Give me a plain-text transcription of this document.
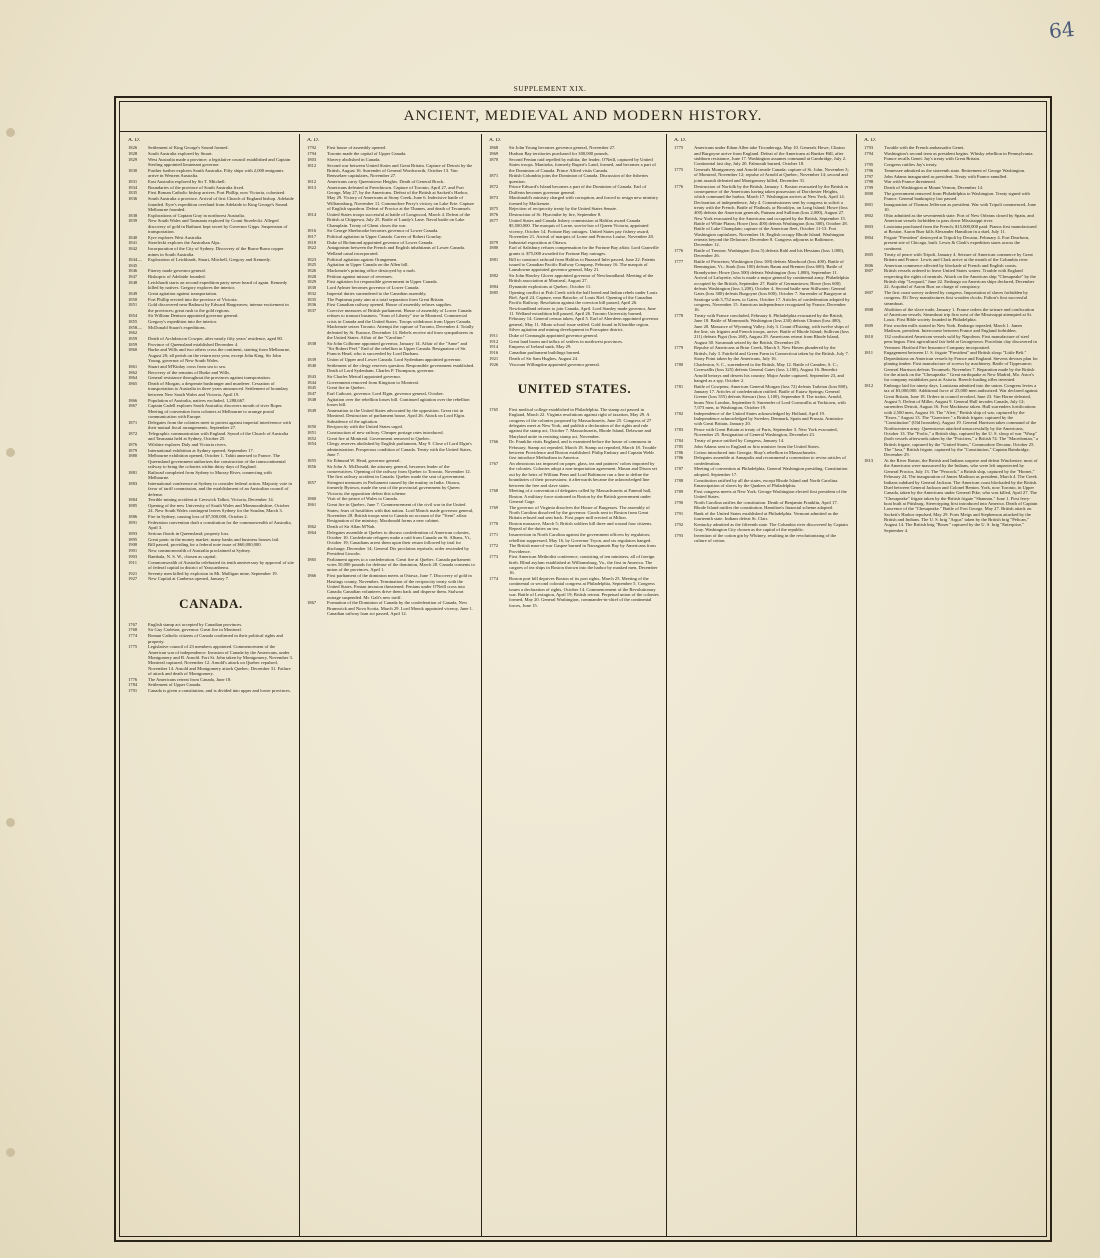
64
SUPPLEMENT XIX.
ANCIENT, MEDIEVAL AND MODERN HISTORY.
A. D.
1826	Settlement of King George's Sound formed.
1828	South Australia explored by Stuart.
1829	West Australia made a province; a legislative council established and Captain Sterling appointed lieutenant governor.
1830	Further further explores South Australia. Fifty ships with 2,000 emigrants arrive in Western Australia.
1831	East Australia explored by Sir T. Mitchell.
1834	Boundaries of the province of South Australia fixed.
1835	First Roman Catholic bishop arrives. Port Phillip, now Victoria, colonized.
1836	South Australia a province. Arrival of first Church of England bishop. Adelaide founded. Eyre's expedition overland from Adelaide to King George's Sound. Melbourne founded.
1838	Explorations of Captain Gray in northwest Australia.
1839	New South Wales and Tasmania explored by Count Strzelecki. Alleged discovery of gold in Bathurst kept secret by Governor Gipps. Suspension of transportation.
1840	Eyre explores West Australia.
1841	Strzelecki explores the Australian Alps.
1842	Incorporation of the City of Sydney. Discovery of the Burra-Burra copper mines in South Australia.
1844—1845
Exploration of Leichhardt, Stuart, Mitchell, Gregory and Kennedy.
1846	Fitzroy made governor general.
1847	Bishopric of Adelaide founded.
1848	Leichhardt starts on second expedition party never heard of again. Kennedy killed by natives. Gregory explores the interior.
1849	Great agitation against transportation.
1850	Fort Phillip erected into the province of Victoria.
1851	Gold discovered near Bathurst by Edward Hargreaves; intense excitement in the provinces; great rush to the gold regions.
1854	Sir William Denison appointed governor general.
1855	Gregory's expedition into the interior.
1858—1862
McDonald Stuart's expeditions.
1859	Death of Archdeacon Cowper, after nearly fifty years' residence, aged 80.
1859	Province of Queensland established December 4.
1860	Burke and Wills and two others cross the continent, starting from Melbourne, August 20; all perish on the return next year, except John King. Sir John Young, governor of New South Wales.
1861	Stuart and M'Kinlay cross from sea to sea.
1862	Recovery of the remains of Burke and Wills.
1864	General resistance throughout the provinces against transportation.
1865	Death of Morgan, a desperate bushranger and murderer. Cessation of transportation to Australia in three years announced. Settlement of boundary between New South Wales and Victoria, April 19.
1866	Population of Australia, natives excluded, 1,288,667.
1867	Captain Cadell explores South Australia; discovers mouth of river Roper. Meeting of convention from colonies at Melbourne to arrange postal communication with Europe.
1871	Delegates from the colonies meet to protest against imperial interference with their mutual fiscal arrangements, September 27.
1872	Telegraphic communication with England. Synod of the Church of Australia and Tasmania held at Sydney, October 25.
1876	Wilshire explores Daly and Victoria rivers.
1879	International exhibition at Sydney opened, September 17.
1880	Melbourne exhibition opened, October 1. Tahiti annexed to France. The Queensland government authorizes the construction of the transcontinental railway to bring the colonies within thirty days of England.
1881	Railroad completed from Sydney to Murray River, connecting with Melbourne.
1883	International conference at Sydney to consider federal action. Majority vote in favor of tariff commission, and the establishment of an Australian council of defense.
1884	Terrible mining accident at Creswick Talbot, Victoria, December 14.
1885	Opening of the new University of South Wales and Monmouthshire, October 24. New South Wales contingent leaves Sydney for the Soudan, March 3.
1886	Fire in Sydney, causing loss of $7,500,000, October 2.
1891	Federation convention draft a constitution for the commonwealth of Australia, April 3.
1893	Serious floods in Queensland; property loss.
1895	Great panic in the money market; many banks and business houses fail.
1900	Bill passed, providing for a federal note issue of $60,000,000.
1901	New commonwealth of Australia proclaimed at Sydney.
1903	Bambala, N. S. W., chosen as capital.
1911	Commonwealth of Australia celebrated its tenth anniversary by approval of site of federal capital in district of Yasscanberra.
1921	Seventy men killed by explosion in Mt. Mulligan mine, September 19.
1927	New Capital at Canberra opened, January 7.
CANADA.
1767	English stamp act accepted by Canadian provinces.
1768	Sir Guy Carleton, governor. Great fire in Montreal.
1774	Roman Catholic citizens of Canada confirmed in their political rights and property.
1775	Legislative council of 23 members appointed. Commencement of the American war of independence. Invasion of Canada by the Americans, under Montgomery and B. Arnold. Fort St. John taken by Montgomery, November 3. Montreal captured, November 12. Arnold's attack on Quebec repulsed, November 14. Arnold and Montgomery attack Quebec, December 31. Failure of attack and death of Montgomery.
1776	The Americans retreat from Canada, June 18.
1784	Settlement of Upper Canada.
1791	Canada is given a constitution, and is divided into upper and lower provinces.
A. D.
1792	First house of assembly opened.
1794	Toronto made the capital of Upper Canada.
1803	Slavery abolished in Canada.
1812	Second war between United States and Great Britain. Capture of Detroit by the British, August 16. Surrender of General Wordsworth, October 13. Van Rensselaer capitulates, November 27.
1812	Americans carry Queenstown Heights. Death of General Brock.
1813	Americans defeated at Frenchtown. Capture of Toronto, April 27, and Fort George, May 27, by the Americans. Defeat of the British at Sackett's Harbor, May 29. Victory of Americans at Stony Creek, June 6. Indecisive battle of Williamsburg, November 11. Commodore Perry's victory on Lake Erie. Capture of English squadron. Defeat of Proctor at the Thames, and death of Tecumseh.
1814	United States troops successful at battle of Longwood, March 4. Defeat of the British at Chippewa, July 25. Battle of Lundy's Lane. Naval battle on Lake Champlain. Treaty of Ghent closes the war.
1816	Sir George Sherbrooke becomes governor of Lower Canada.
1817	Political agitation in Upper Canada. Career of Robert Gourlay.
1818	Duke of Richmond appointed governor of Lower Canada.
1822	Antagonism between the French and English inhabitants of Lower Canada. Welland canal incorporated.
1823	Political agitation against Orangemen.
1825	Agitation in Upper Canada on the Allen bill.
1826	Mackenzie's printing office destroyed by a mob.
1828	Petition against misuse of revenues.
1829	First agitation for responsible government in Upper Canada.
1830	Lord Aylmer becomes governor of Lower Canada.
1832	Imperial duties surrendered to the Canadian assembly.
1835	The Papineau party aim at a total separation from Great Britain.
1836	First Canadian railway opened. House of assembly refuses supplies.
1837	Coercive measures of British parliament. House of assembly of Lower Canada refuses to transact business. "Sons of Liberty" rise in Montreal. Commercial crisis in Canada and the United States. Troops withdrawn from Upper Canada. Mackenzie seizes Toronto. Attempt the capture of Toronto, December 4. Totally defeated by St. Eustace, December 14. Rebels receive aid from sympathizers in the United States. Affair of the "Caroline."
1838	Sir John Colborne appointed governor, January 14. Affair of the "Anne" and "Sir Robert Peel." End of the rebellion in Upper Canada. Resignation of Sir Francis Head, who is succeeded by Lord Durham.
1839	Union of Upper and Lower Canada. Lord Sydenham appointed governor.
1840	Settlement of the clergy reserves question. Responsible government established. Death of Lord Sydenham. Charles P. Thompson, governor.
1843	Sir Charles Metcalf appointed governor.
1844	Government removed from Kingston to Montreal.
1845	Great fire in Quebec.
1847	Earl Cathcart, governor. Lord Elgin, governor general, October.
1848	Agitation over the rebellion losses bill. Continued agitation over the rebellion losses bill.
1849	Annexation to the United States advocated by the opposition. Great riot in Montreal. Destruction of parliament house, April 26. Attack on Lord Elgin. Subsidence of the agitation.
1850	Reciprocity with the United States urged.
1851	Construction of new railway. Cheaper postage rates introduced.
1852	Great fire at Montreal. Government removed to Quebec.
1854	Clergy reserves abolished by English parliament, May 9. Close of Lord Elgin's administration. Prosperous condition of Canada. Treaty with the United States, June 7.
1855	Sir Edmund W. Head, governor general.
1856	Sir John A. McDonald, the attorney general, becomes leader of the conservatives. Opening of the railway from Quebec to Toronto, November 12. The first railway accident in Canada. Quebec made the seat of government.
1857	Stringent measures in Parliament caused by the mutiny in India. Ottawa, formerly Bytown, made the seat of the provincial government by Queen Victoria; the opposition defeat this scheme.
1860	Visit of the prince of Wales to Canada.
1861	Great fire in Quebec, June 7. Commencement of the civil war in the United States; fears of hostilities with that nation. Lord Monck made governor general, November 28. British troops sent to Canada on account of the "Trent" affair. Resignation of the ministry; Macdonald forms a new cabinet.
1862	Death of Sir Allan M'Nab.
1864	Delegates assemble at Quebec to discuss confederation of American colonies, October 10. Confederate refugees make a raid from Canada on St. Albans, Vt., October 19; Canadians arrest them upon their return followed by trial for discharge, December 14; General Dix proclaims reprisals; order rescinded by President Lincoln.
1865	Parliament agrees to a confederation. Great fire at Quebec. Canada parliament votes 50,000 pounds for defense of the dominion, March 28. Canada consents to union of the provinces, April 1.
1866	First parliament of the dominion meets at Ottawa, June 7. Discovery of gold in Hastings county, November. Termination of the reciprocity treaty with the United States. Fenian invasion threatened. Fenians under O'Neill cross into Canada; Canadian volunteers drive them back and disperse them. Stalwart outrage suspended. Mr. Galt's new tariff.
1867	Formation of the Dominion of Canada by the confederation of Canada, New Brunswick and Nova Scotia, March 29. Lord Monck appointed viceroy, June 1. Canadian railway loan act passed, April 12.
A. D.
1868	Sir John Young becomes governor general, November 27.
1869	Hudson Bay territories purchased for 300,000 pounds.
1870	Second Fenian raid repelled by militia; the leader, O'Neill, captured by United States troops. Manitoba, formerly Rupert's Land, formed, and becomes a part of the Dominion of Canada. Prince Alfred visits Canada.
1871	British Columbia joins the Dominion of Canada. Discussion of the fisheries question.
1872	Prince Edward's Island becomes a part of the Dominion of Canada. Earl of Dufferin becomes governor general.
1873	Macdonald's ministry charged with corruption, and forced to resign new ministry formed by Mackenzie.
1875	Rejection of reciprocity treaty by the United States Senate.
1876	Destruction of St. Hyacinthe by fire, September 8.
1877	United States and Canada fishery commission at Halifax award Canada $5,500,000. The marquis of Lorne, son-in-law of Queen Victoria, appointed viceroy, October 14. Fortune Bay outrages. United States pay fishery award, November 21. Arrival of marquis of Lorne and Princess Louise, November 28.
1879	Industrial exposition at Ottawa.
1880	Earl of Salisbury refuses compensation for the Fortune Bay affair. Lord Granville grants it. $75,000 awarded for Fortune Bay outrages.
1881	Bill to construct railroad from Halifax to Buzzard Inlet passed, June 22. Patents issued to Canadian Pacific Railway Company, February 16. The marquis of Lansdowne appointed governor general, May 21.
1882	Sir John Hawley Glover appointed governor of Newfoundland. Meeting of the British association at Montreal, August 27.
1884	Dynamite explosions at Quebec, October 11.
1885	Opening conflict at Fish Creek with the half breed and Indian rebels under Louis Riel, April 24. Capture, near Batoche, of Louis Riel. Opening of the Canadian Pacific Railway. Resolution against the coercion bill passed, April 26. Newfoundland refuses to join Canada, April. Lord Stanley made governor, June 11. Welland extradition bill passed, April 26. Toronto University burned, February 14. General census taken, April 5. Earl of Aberdeen appointed governor general, May 11. Minto school issue settled. Gold found in Klondike region. Silver agitation and mining development in Porcupine district.
1911	Duke of Connaught appointed governor general.
1912	Great land boom and influx of settlers in northwest provinces.
1914	Empress of Ireland sunk, May 29.
1916	Canadian parliament buildings burned.
1921	Death of Sir Sam Hughes, August 24.
1926	Viscount Willingdon appointed governor general.
UNITED STATES.
1765	First medical college established in Philadelphia. The stamp act passed in England, March 22. Virginia resolutions against right of taxation, May 29. A congress of the colonies proposed by Massachusetts, June 25. Congress of 27 delegates meet at New York, and publish a declaration of the rights and rule against the stamp act, October 7. Massachusetts, Rhode Island, Delaware and Maryland unite in resisting stamp act, November.
1766	Dr. Franklin visits England, and is examined before the house of commons in February. Stamp act repealed, March 18. Stamp act repealed, March 18. Trouble between Providence and Boston established. Philip Embury and Captain Webb first introduce Methodism in America.
1767	An obnoxious tax imposed on paper, glass, tea and painters' colors imported by the colonies. Colonies adopt a non-importation agreement. Mason and Dixon set out by the heirs of William Penn and Lord Baltimore run a line to define the boundaries of their possessions; it afterwards became the acknowledged line between the free and slave states.
1768	Meeting of a convention of delegates called by Massachusetts at Faneuil hall, Boston. A military force stationed in Boston by the British government under General Gage.
1769	The governor of Virginia dissolves the House of Burgesses. The assembly of North Carolina dissolved by the governor. Goods sent to Boston from Great Britain refused and sent back. First paper mill erected at Milton.
1770	Boston massacre, March 5; British soldiers kill three and wound four citizens. Repeal of the duties on tea.
1771	Insurrection in North Carolina against the government officers by regulators; rebellion suppressed, May 16, by Governor Tryon, and six regulators hanged.
1772	The British man-of-war Gaspee burned in Narragansett Bay by Americans from Providence.
1773	First American Methodist conference, consisting of ten ministers, all of foreign birth. Blind asylum established at Williamsburg, Va., the first in America. The cargoes of tea ships in Boston thrown into the harbor by masked men, December 16.
1774	Boston port bill deprives Boston of its port rights, March 25. Meeting of the continental or second colonial congress at Philadelphia, September 5. Congress issues a declaration of rights, October 14. Commencement of the Revolutionary war. Battle of Lexington, April 19; British retreat. Perpetual union of the colonies formed, May 20. General Washington, commander-in-chief of the continental forces, June 15.
A. D.
1775	Americans under Ethan Allen take Ticonderoga, May 10. Generals Howe, Clinton and Burgoyne arrive from England. Defeat of the Americans at Bunker Hill, after stubborn resistance, June 17. Washington assumes command at Cambridge, July 2. Continental fast day, July 20. Falmouth burned, October 18.
1775	Generals Montgomery and Arnold invade Canada; capture of St. John, November 3; of Montreal, November 12; repulse of Arnold at Quebec, November 14; second and joint assault defeated and Montgomery killed, December 31.
1776	Destruction of Norfolk by the British, January 1. Boston evacuated by the British in consequence of the Americans having taken possession of Dorchester Heights, which command the harbor, March 17. Washington arrives at New York, April 14. Declaration of independence, July 4. Commissioners sent by congress to solicit a treaty with the French. Battle of Flatbush, or Brooklyn, on Long Island; Howe (loss 400) defeats the American generals, Putnam and Sullivan (loss 2,000), August 27. New York evacuated by the Americans and occupied by the British, September 15. Battle of White Plains; Howe (loss 400) defeats Washington (loss 300), October 28. Battle of Lake Champlain; capture of the American fleet, October 11-13. Fort Washington capitulates, November 16. English occupy Rhode Island. Washington retreats beyond the Delaware, December 8. Congress adjourns to Baltimore, December 12.
1776	Battle of Trenton; Washington (loss 5) defeats Rahl and his Hessians (loss 1,000), December 26.
1777	Battle of Princeton; Washington (loss 100) defeats Mawhood (loss 400). Battle of Bennington, Vt.; Stark (loss 100) defeats Baum and Bremen (loss 600). Battle of Brandywine; Howe (loss 500) defeats Washington (loss 1,000), September 11. Arrival of Lafayette, who is made a major general by continental army. Philadelphia occupied by the British, September 27. Battle of Germantown; Howe (loss 600) defeats Washington (loss 1,200), October 4. Second battle near Stillwater; General Gates (loss 300) defeats Burgoyne (loss 600), October 7. Surrender of Burgoyne at Saratoga with 5,752 men, to Gates, October 17. Articles of confederation adopted by congress, November 15. American independence recognized by France, December 16.
1778	Treaty with France concluded, February 6. Philadelphia evacuated by the British, June 18. Battle of Monmouth; Washington (loss 230) defeats Clinton (loss 400), June 28. Massacre of Wyoming Valley, July 3. Count d'Estaing, with twelve ships of the line, six frigates and French troops, arrive. Battle of Rhode Island; Sullivan (loss 211) defeats Pigot (loss 260), August 29. Americans retreat from Rhode Island, August 30. Savannah seized by the British, December 29.
1779	Repulse of Americans at Briar Creek, March 3. New Haven plundered by the British, July 3. Fairfield and Green Farm in Connecticut taken by the British, July 7. Stony Point taken by the Americans, July 16.
1780	Charleston, S. C., surrendered to the British, May 12. Battle of Camden, S. C.; Cornwallis (loss 325) defeats General Gates (loss 1,100), August 16. Benedict Arnold betrays and deserts his country. Major Andre captured, September 23, and hanged as a spy, October 2.
1781	Battle of Cowpens; American General Morgan (loss 72) defeats Tarleton (loss 800), January 17. Articles of confederation ratified. Battle of Eutaw Springs; General Greene (loss 555) defeats Stewart (loss 1,100), September 8. The traitor, Arnold, burns New London, September 6. Surrender of Lord Cornwallis at Yorktown, with 7,073 men, to Washington, October 19.
1782	Independence of the United States acknowledged by Holland, April 19. Independence acknowledged by Sweden, Denmark, Spain and Prussia. Armistice with Great Britain, January 20.
1783	Peace with Great Britain at treaty of Paris, September 3. New York evacuated, November 25. Resignation of General Washington, December 23.
1784	Treaty of peace ratified by Congress, January 14.
1785	John Adams sent to England as first minister from the United States.
1786	Cotton introduced into Georgia. Shay's rebellion in Massachusetts.
1786	Delegates assemble at Annapolis and recommend a convention to revise articles of confederation.
1787	Meeting of convention at Philadelphia, General Washington presiding. Constitution adopted, September 17.
1788	Constitution ratified by all the states, except Rhode Island and North Carolina. Emancipation of slaves by the Quakers of Philadelphia.
1789	First congress meets at New York. George Washington elected first president of the United States.
1790	North Carolina ratifies the constitution. Death of Benjamin Franklin, April 17. Rhode Island ratifies the constitution. Hamilton's financial scheme adopted.
1791	Bank of the United States established at Philadelphia. Vermont admitted as the fourteenth state. Indians defeat St. Clair.
1792	Kentucky admitted as the fifteenth state. The Columbia river discovered by Captain Gray. Washington City chosen as the capital of the republic.
1793	Invention of the cotton gin by Whitney, resulting in the revolutionizing of the culture of cotton.
A. D.
1793	Trouble with the French ambassador Genet.
1794	Washington's second term as president begins. Whisky rebellion in Pennsylvania. France recalls Genet. Jay's treaty with Great Britain.
1795	Congress ratifies Jay's treaty.
1796	Tennessee admitted as the sixteenth state. Retirement of George Washington.
1797	John Adams inaugurated as president. Treaty with France annulled.
1798	War with France threatened.
1799	Death of Washington at Mount Vernon, December 14.
1800	The government removed from Philadelphia to Washington. Treaty signed with France. General bankruptcy law passed.
1801	Inauguration of Thomas Jefferson as president. War with Tripoli commenced, June 10.
1802	Ohio admitted as the seventeenth state. Port of New Orleans closed by Spain, and American vessels forbidden to pass down Mississippi river.
1803	Louisiana purchased from the French; $15,000,000 paid. Pianos first manufactured at Boston. Aaron Burr kills Alexander Hamilton in a duel, July 11.
1804	Frigate "President" destroyed at Tripoli by Decatur, February 4. Fort Dearborn, present site of Chicago, built. Lewis & Clark's expedition starts across the continent.
1805	Treaty of peace with Tripoli, January 4. Seizure of American commerce by Great Britain and France. Lewis and Clark arrive at the mouth of the Columbia river.
1806	American commerce affected by blockade of French and English coasts.
1807	British vessels ordered to leave United States waters. Trouble with England respecting the rights of neutrals. Attack on the American ship "Chesapeake" by the British ship "Leopard," June 22. Embargo on American ships declared, December 22. Acquittal of Aaron Burr on charge of conspiracy.
1807	The first coast survey ordered by congress. Importation of slaves forbidden by congress. Eli Terry manufactures first wooden clocks. Fulton's first successful steamboat.
1808	Abolition of the slave trade, January 1. France orders the seizure and confiscation of American vessels. Steamboat trip first west of the Mississippi attempted at St. Louis. First Bible society founded in Philadelphia.
1809	First woolen mills started in New York. Embargo repealed, March 1. James Madison, president. Intercourse between France and England forbidden.
1810	132 confiscated American vessels sold by Napoleon. First manufacture of steel pens begun. First agricultural fair held at Georgetown. Porcelain clay discovered in Vermont. Hartford Fire Insurance Company incorporated.
1811	Engagement between U. S. frigate "President" and British sloop "Little Belt." Depredations on American vessels by France and England. Stevens devises plan for planing timber. First manufacture of screws by machinery. Battle of Tippecanoe; General Harrison defeats Tecumseh, November 7. Reparation made by the British for the attack on the "Chesapeake." Great earthquake at New Madrid, Mo. Astor's fur company establishes post at Astoria. Breech-loading rifles invented.
1812	Embargo laid for ninety days. Louisiana admitted into the union. Congress levies a tax of $3,000,000. Additional force of 25,000 men authorized. War declared against Great Britain, June 18. Orders in council revoked, June 23. Van Horne defeated, August 5. Defeat of Miller, August 9. General Hull invades Canada, July 12; surrenders Detroit, August 16. Fort Mackinaw taken. Hull surrenders fortifications with 2,500 men, August 16. The "Alert," British ship of war, captured by the "Essex," August 13. The "Guerriere," a British frigate, captured by the "Constitution" (Old Ironsides), August 19. General Harrison takes command of the Northwestern army. Queenstown attacked unsuccessfully by the Americans, October 13. The "Frolic," a British ship, captured by the U. S. sloop of war "Wasp" (both vessels afterwards taken by the "Poictiers," a British 74. The "Macedonian," a British frigate, captured by the "United States," Commodore Decatur, October 25. The "Java," British frigate, captured by the "Constitution," Captain Bainbridge, December 29.
1813	At the River Raisin, the British and Indians surprise and defeat Winchester; most of the Americans were massacred by the Indians, who were left unprotected by General Proctor, July 13. The "Peacock," a British ship, captured by the "Hornet," February 24. The inauguration of James Madison as president, March 4. The Creek Indians subdued by General Jackson. The American coast blockaded by the British. Duel between General Jackson and Colonel Benton. York, now Toronto, in Upper Canada, taken by the Americans under General Pike, who was killed, April 27. The "Chesapeake" frigate taken by the British frigate "Shannon," June 1. First ferry-boat built at Pittsburg. Stereotyping first introduced into America. Death of Captain Lawrence of the "Chesapeake." Battle of Fort George, May 27. British attack on Sackett's Harbor repulsed, May 29. Forts Meigs and Stephenson attacked by the British and Indians. The U. S. brig "Argus" taken by the British brig "Pelican," August 14. The British brig "Boxer" captured by the U. S. brig "Enterprise," September 4.
